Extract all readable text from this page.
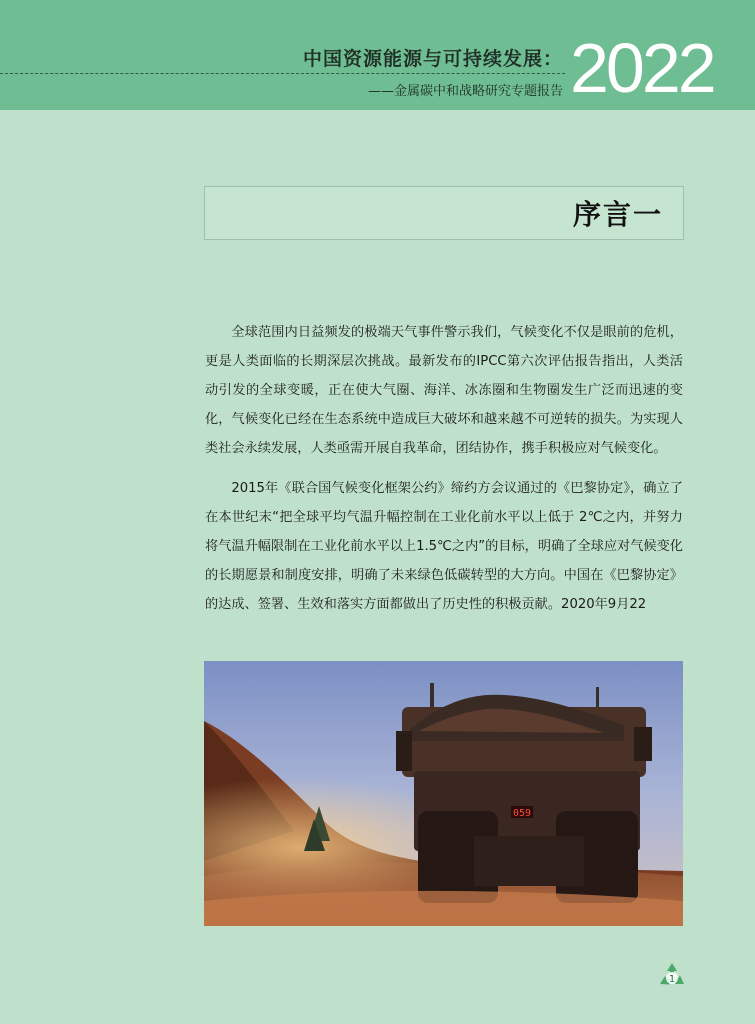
中国资源能源与可持续发展：
——金属碳中和战略研究专题报告 2022
序言一

全球范围内日益频发的极端天气事件警示我们，气候变化不仅是眼前的危机，更是人类面临的长期深层次挑战。最新发布的IPCC第六次评估报告指出，人类活动引发的全球变暖，正在使大气圈、海洋、冰冻圈和生物圈发生广泛而迅速的变化，气候变化已经在生态系统中造成巨大破坏和越来越不可逆转的损失。为实现人类社会永续发展，人类亟需开展自我革命，团结协作，携手积极应对气候变化。

2015年《联合国气候变化框架公约》缔约方会议通过的《巴黎协定》，确立了在本世纪末“把全球平均气温升幅控制在工业化前水平以上低于 2℃之内，并努力将气温升幅限制在工业化前水平以上1.5℃之内”的目标，明确了全球应对气候变化的长期愿景和制度安排，明确了未来绿色低碳转型的大方向。中国在《巴黎协定》的达成、签署、生效和落实方面都做出了历史性的积极贡献。2020年9月22

059
1
